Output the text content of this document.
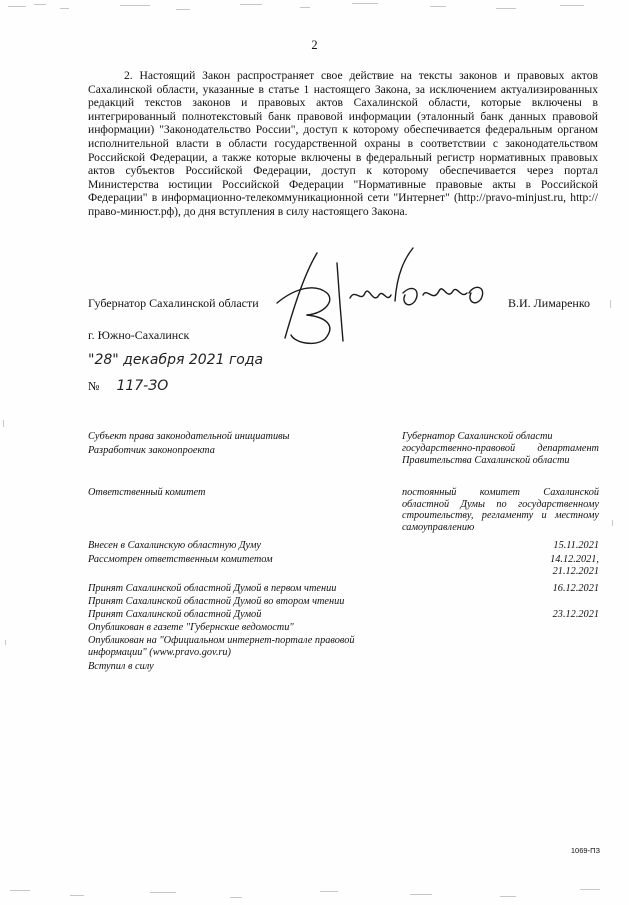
2
2. Настоящий Закон распространяет свое действие на тексты законов и правовых актов Сахалинской области, указанные в статье 1 настоящего Закона, за исключением актуализированных редакций текстов законов и правовых актов Сахалинской области, которые включены в интегрированный полнотекстовый банк правовой информации (эталонный банк данных правовой информации) "Законодательство России", доступ к которому обеспечивается федеральным органом исполнительной власти в области государственной охраны в соответствии с законодательством Российской Федерации, а также которые включены в федеральный регистр нормативных правовых актов субъектов Российской Федерации, доступ к которому обеспечивается через портал Министерства юстиции Российской Федерации "Нормативные правовые акты в Российской Федерации" в информационно-телекоммуникационной сети "Интернет" (http://pravo-minjust.ru, http://право-минюст.рф), до дня вступления в силу настоящего Закона.
Губернатор Сахалинской области	В.И. Лимаренко
г. Южно-Сахалинск
"28" декабря 2021 года
№ 117-ЗО
Субъект права законодательной инициативы	Губернатор Сахалинской области
Разработчик законопроекта	государственно-правовой департамент Правительства Сахалинской области
Ответственный комитет	постоянный комитет Сахалинской областной Думы по государственному строительству, регламенту и местному самоуправлению
Внесен в Сахалинскую областную Думу	15.11.2021
Рассмотрен ответственным комитетом	14.12.2021,
21.12.2021
Принят Сахалинской областной Думой в первом чтении	16.12.2021
Принят Сахалинской областной Думой во втором чтении
Принят Сахалинской областной Думой	23.12.2021
Опубликован в газете "Губернские ведомости"
Опубликован на "Официальном интернет-портале правовой информации" (www.pravo.gov.ru)
Вступил в силу
1069-ПЗ
